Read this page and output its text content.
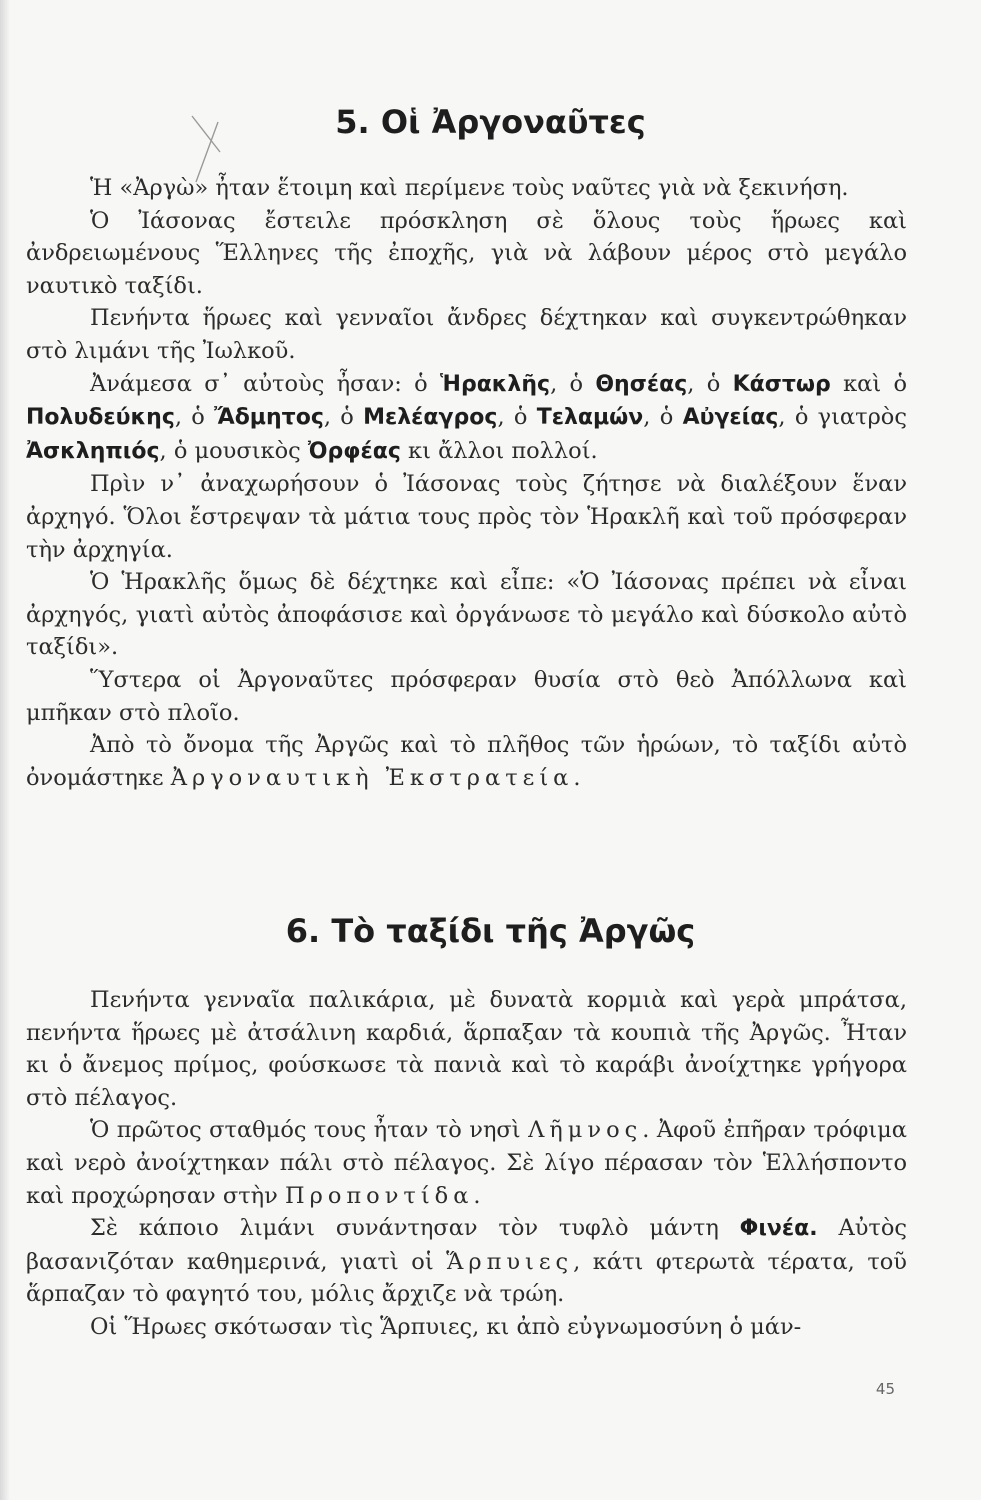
5. Οἱ Ἀργοναῦτες

Ἡ «Ἀργὼ» ἦταν ἕτοιμη καὶ περίμενε τοὺς ναῦτες γιὰ νὰ ξεκινήση.

Ὁ Ἰάσονας ἔστειλε πρόσκληση σὲ ὅλους τοὺς ἥρωες καὶ ἀνδρειωμένους Ἕλληνες τῆς ἐποχῆς, γιὰ νὰ λάβουν μέρος στὸ μεγάλο ναυτικὸ ταξίδι.

Πενήντα ἥρωες καὶ γενναῖοι ἄνδρες δέχτηκαν καὶ συγκεντρώθηκαν στὸ λιμάνι τῆς Ἰωλκοῦ.

Ἀνάμεσα σ᾽ αὐτοὺς ἦσαν: ὁ Ἡρακλῆς, ὁ Θησέας, ὁ Κάστωρ καὶ ὁ Πολυδεύκης, ὁ Ἄδμητος, ὁ Μελέαγρος, ὁ Τελαμών, ὁ Αὐγείας, ὁ γιατρὸς Ἀσκληπιός, ὁ μουσικὸς Ὀρφέας κι ἄλλοι πολλοί.

Πρὶν ν᾽ ἀναχωρήσουν ὁ Ἰάσονας τοὺς ζήτησε νὰ διαλέξουν ἕναν ἀρχηγό. Ὅλοι ἔστρεψαν τὰ μάτια τους πρὸς τὸν Ἡρακλῆ καὶ τοῦ πρόσφεραν τὴν ἀρχηγία.

Ὁ Ἡρακλῆς ὅμως δὲ δέχτηκε καὶ εἶπε: «Ὁ Ἰάσονας πρέπει νὰ εἶναι ἀρχηγός, γιατὶ αὐτὸς ἀποφάσισε καὶ ὀργάνωσε τὸ μεγάλο καὶ δύσκολο αὐτὸ ταξίδι».

Ὕστερα οἱ Ἀργοναῦτες πρόσφεραν θυσία στὸ θεὸ Ἀπόλλωνα καὶ μπῆκαν στὸ πλοῖο.

Ἀπὸ τὸ ὄνομα τῆς Ἀργῶς καὶ τὸ πλῆθος τῶν ἡρώων, τὸ ταξίδι αὐτὸ ὀνομάστηκε Ἀργοναυτικὴ Ἐκστρατεία.

6. Τὸ ταξίδι τῆς Ἀργῶς

Πενήντα γενναῖα παλικάρια, μὲ δυνατὰ κορμιὰ καὶ γερὰ μπράτσα, πενήντα ἥρωες μὲ ἀτσάλινη καρδιά, ἅρπαξαν τὰ κουπιὰ τῆς Ἀργῶς. Ἦταν κι ὁ ἄνεμος πρίμος, φούσκωσε τὰ πανιὰ καὶ τὸ καράβι ἀνοίχτηκε γρήγορα στὸ πέλαγος.

Ὁ πρῶτος σταθμός τους ἦταν τὸ νησὶ Λῆμνος. Ἀφοῦ ἐπῆραν τρόφιμα καὶ νερὸ ἀνοίχτηκαν πάλι στὸ πέλαγος. Σὲ λίγο πέρασαν τὸν Ἑλλήσποντο καὶ προχώρησαν στὴν Προποντίδα.

Σὲ κάποιο λιμάνι συνάντησαν τὸν τυφλὸ μάντη Φινέα. Αὐτὸς βασανιζόταν καθημερινά, γιατὶ οἱ Ἅρπυιες, κάτι φτερωτὰ τέρατα, τοῦ ἅρπαζαν τὸ φαγητό του, μόλις ἄρχιζε νὰ τρώη.

Οἱ Ἥρωες σκότωσαν τὶς Ἅρπυιες, κι ἀπὸ εὐγνωμοσύνη ὁ μάν-

45
